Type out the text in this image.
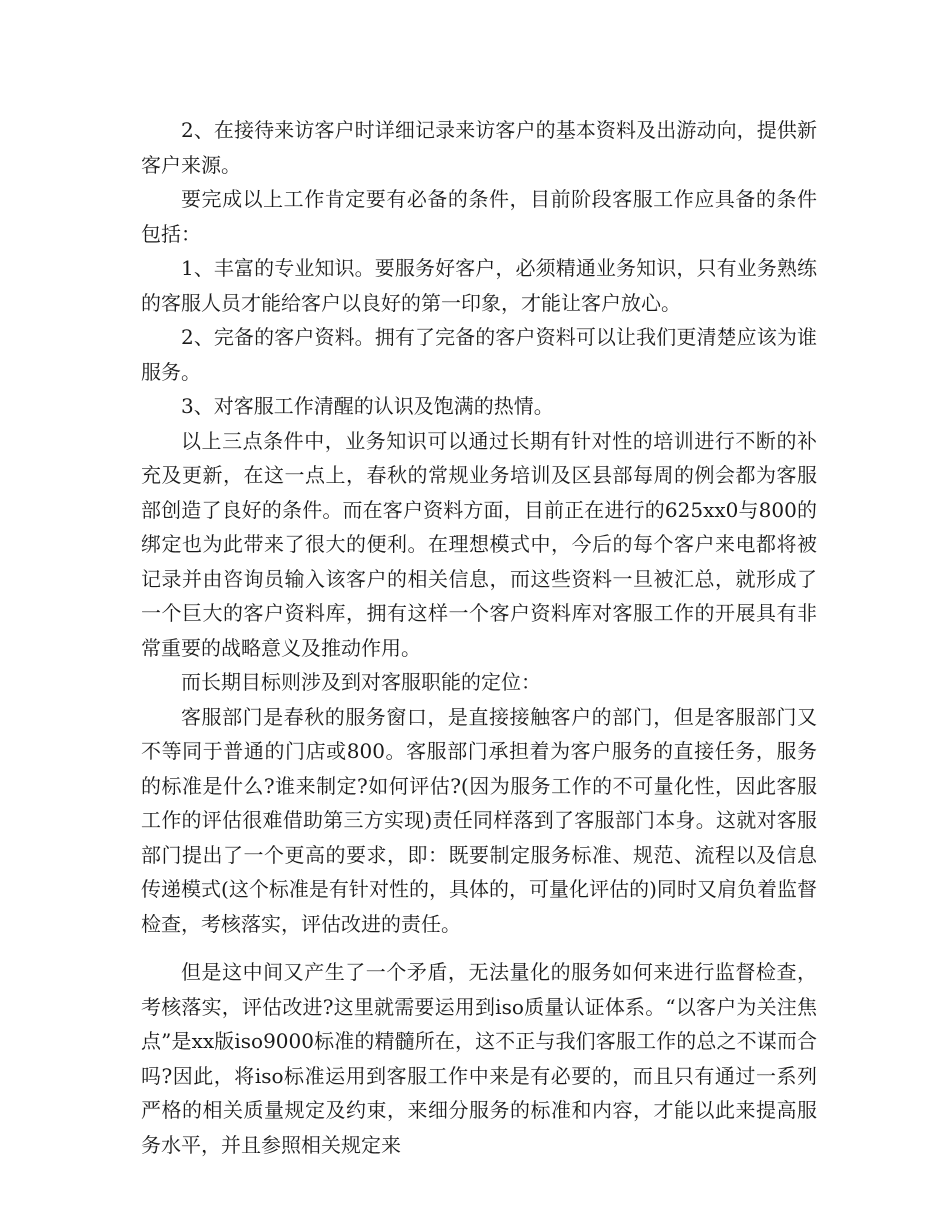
2、在接待来访客户时详细记录来访客户的基本资料及出游动向，提供新客户来源。

要完成以上工作肯定要有必备的条件，目前阶段客服工作应具备的条件包括：

1、丰富的专业知识。要服务好客户，必须精通业务知识，只有业务熟练的客服人员才能给客户以良好的第一印象，才能让客户放心。

2、完备的客户资料。拥有了完备的客户资料可以让我们更清楚应该为谁服务。

3、对客服工作清醒的认识及饱满的热情。

以上三点条件中，业务知识可以通过长期有针对性的培训进行不断的补充及更新，在这一点上，春秋的常规业务培训及区县部每周的例会都为客服部创造了良好的条件。而在客户资料方面，目前正在进行的625xx0与800的绑定也为此带来了很大的便利。在理想模式中，今后的每个客户来电都将被记录并由咨询员输入该客户的相关信息，而这些资料一旦被汇总，就形成了一个巨大的客户资料库，拥有这样一个客户资料库对客服工作的开展具有非常重要的战略意义及推动作用。

而长期目标则涉及到对客服职能的定位：

客服部门是春秋的服务窗口，是直接接触客户的部门，但是客服部门又不等同于普通的门店或800。客服部门承担着为客户服务的直接任务，服务的标准是什么?谁来制定?如何评估?(因为服务工作的不可量化性，因此客服工作的评估很难借助第三方实现)责任同样落到了客服部门本身。这就对客服部门提出了一个更高的要求，即：既要制定服务标准、规范、流程以及信息传递模式(这个标准是有针对性的，具体的，可量化评估的)同时又肩负着监督检查，考核落实，评估改进的责任。

但是这中间又产生了一个矛盾，无法量化的服务如何来进行监督检查，考核落实，评估改进?这里就需要运用到iso质量认证体系。“以客户为关注焦点”是xx版iso9000标准的精髓所在，这不正与我们客服工作的总之不谋而合吗?因此，将iso标准运用到客服工作中来是有必要的，而且只有通过一系列严格的相关质量规定及约束，来细分服务的标准和内容，才能以此来提高服务水平，并且参照相关规定来
